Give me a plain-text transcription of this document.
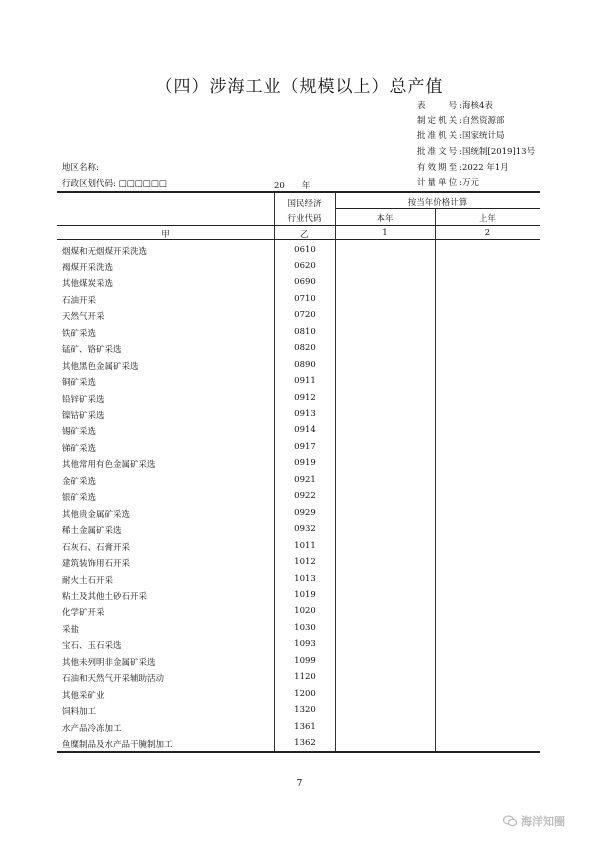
（四）涉海工业（规模以上）总产值
表　　号:海核4表
制定机关:自然资源部
批准机关:国家统计局
批准文号:国统制[2019]13号
有效期至:2022 年1月
计量单位:万元
地区名称:
行政区划代码: □□□□□□	20　　年
国民经济
行业代码
按当年价格计算
本年	上年
甲	乙	1	2
烟煤和无烟煤开采洗选	0610
褐煤开采洗选	0620
其他煤炭采选	0690
石油开采	0710
天然气开采	0720
铁矿采选	0810
锰矿、铬矿采选	0820
其他黑色金属矿采选	0890
铜矿采选	0911
铅锌矿采选	0912
镍钴矿采选	0913
锡矿采选	0914
锑矿采选	0917
其他常用有色金属矿采选	0919
金矿采选	0921
银矿采选	0922
其他贵金属矿采选	0929
稀土金属矿采选	0932
石灰石、石膏开采	1011
建筑装饰用石开采	1012
耐火土石开采	1013
粘土及其他土砂石开采	1019
化学矿开采	1020
采盐	1030
宝石、玉石采选	1093
其他未列明非金属矿采选	1099
石油和天然气开采辅助活动	1120
其他采矿业	1200
饲料加工	1320
水产品冷冻加工	1361
鱼糜制品及水产品干腌制加工	1362
7
海洋知圈
